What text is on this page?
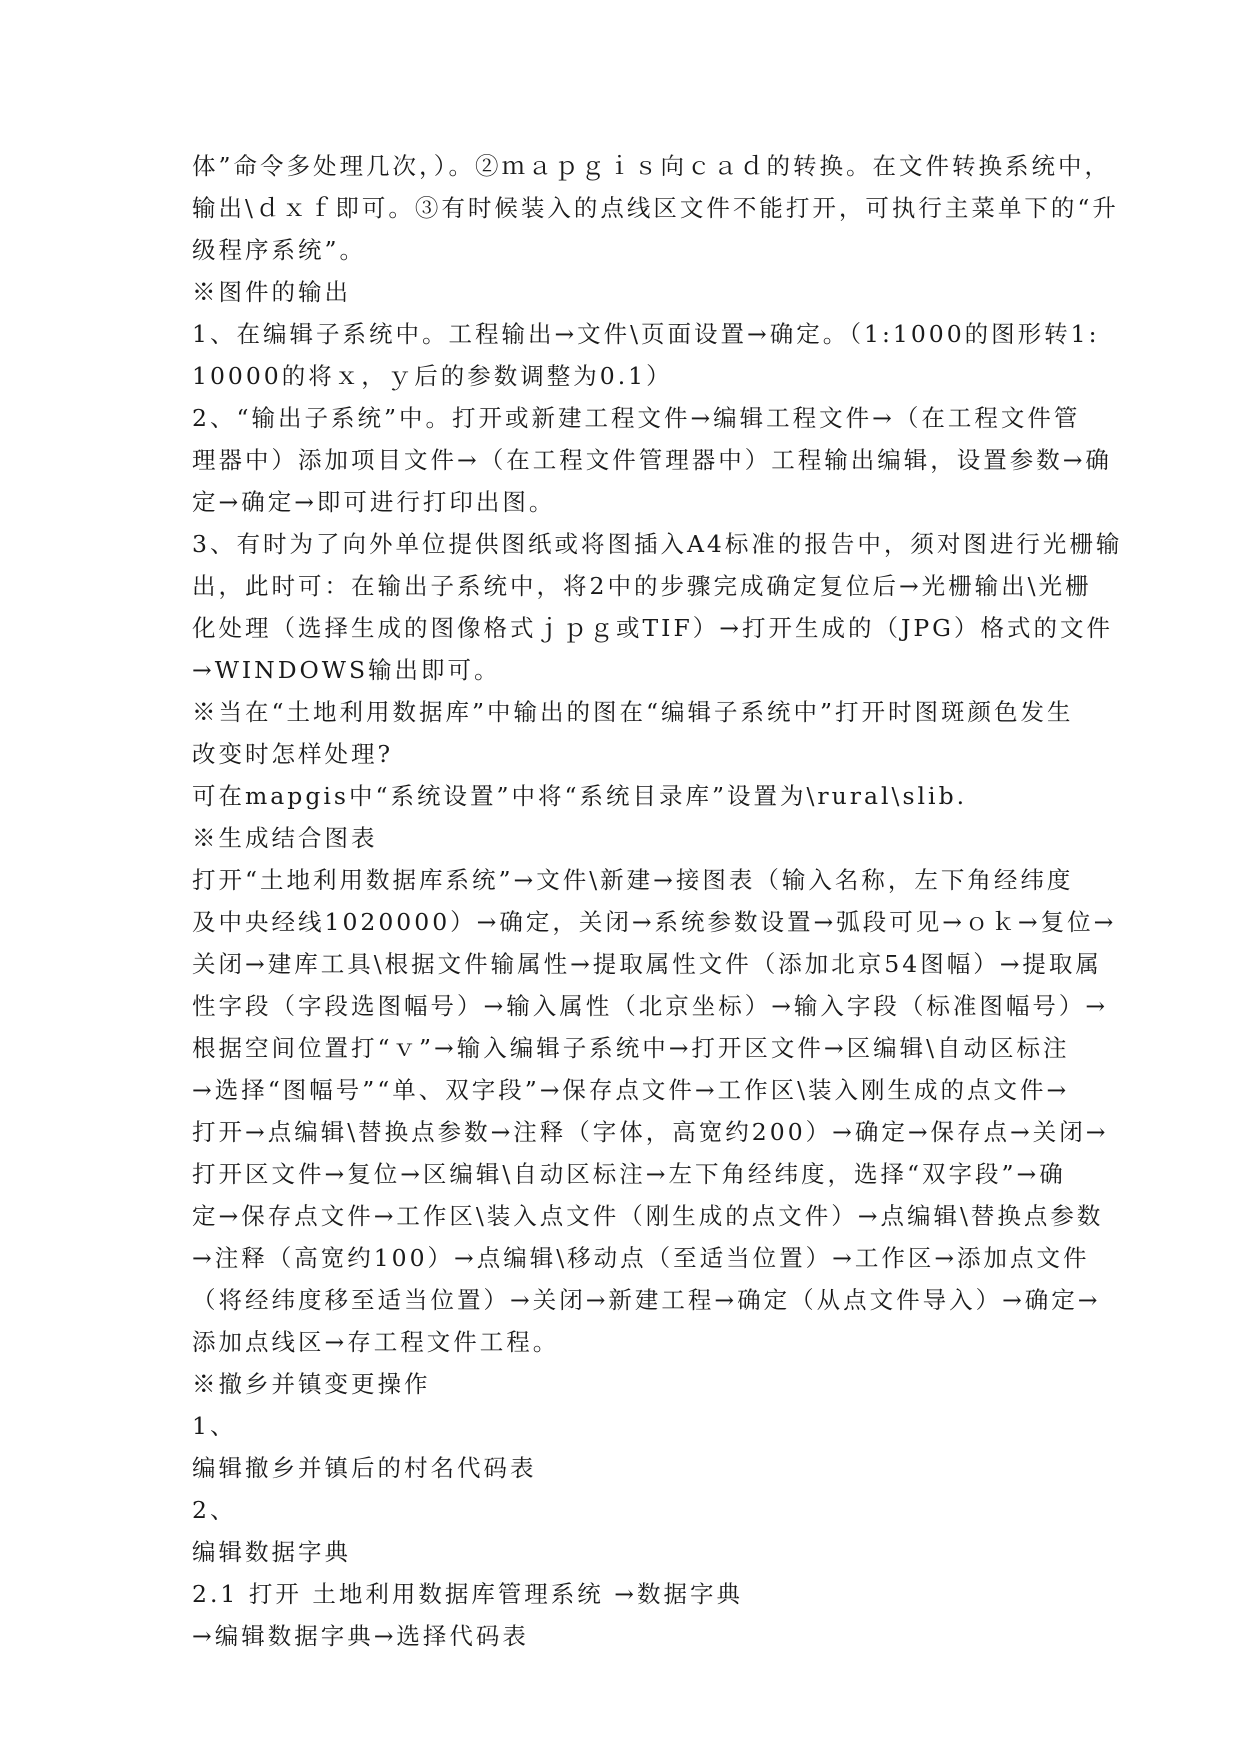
体”命令多处理几次，）。②ｍａｐｇｉｓ向ｃａｄ的转换。在文件转换系统中，
输出\ｄｘｆ即可。③有时候装入的点线区文件不能打开，可执行主菜单下的“升
级程序系统”。
※图件的输出
1、在编辑子系统中。工程输出→文件\页面设置→确定。（1:1000的图形转1:
10000的将ｘ，ｙ后的参数调整为0.1）
2、“输出子系统”中。打开或新建工程文件→编辑工程文件→（在工程文件管
理器中）添加项目文件→（在工程文件管理器中）工程输出编辑，设置参数→确
定→确定→即可进行打印出图。
3、有时为了向外单位提供图纸或将图插入A4标准的报告中，须对图进行光栅输
出，此时可：在输出子系统中，将2中的步骤完成确定复位后→光栅输出\光栅
化处理（选择生成的图像格式ｊｐｇ或TIF）→打开生成的（JPG）格式的文件
→WINDOWS输出即可。
※当在“土地利用数据库”中输出的图在“编辑子系统中”打开时图斑颜色发生
改变时怎样处理?
可在mapgis中“系统设置”中将“系统目录库”设置为\rural\slib.
※生成结合图表
打开“土地利用数据库系统”→文件\新建→接图表（输入名称，左下角经纬度
及中央经线1020000）→确定，关闭→系统参数设置→弧段可见→ｏｋ→复位→
关闭→建库工具\根据文件输属性→提取属性文件（添加北京54图幅）→提取属
性字段（字段选图幅号）→输入属性（北京坐标）→输入字段（标准图幅号）→
根据空间位置打“ｖ”→输入编辑子系统中→打开区文件→区编辑\自动区标注
→选择“图幅号”“单、双字段”→保存点文件→工作区\装入刚生成的点文件→
打开→点编辑\替换点参数→注释（字体，高宽约200）→确定→保存点→关闭→
打开区文件→复位→区编辑\自动区标注→左下角经纬度，选择“双字段”→确
定→保存点文件→工作区\装入点文件（刚生成的点文件）→点编辑\替换点参数
→注释（高宽约100）→点编辑\移动点（至适当位置）→工作区→添加点文件
（将经纬度移至适当位置）→关闭→新建工程→确定（从点文件导入）→确定→
添加点线区→存工程文件工程。
※撤乡并镇变更操作
1、
编辑撤乡并镇后的村名代码表
2、
编辑数据字典
2.1 打开 土地利用数据库管理系统 →数据字典
→编辑数据字典→选择代码表
